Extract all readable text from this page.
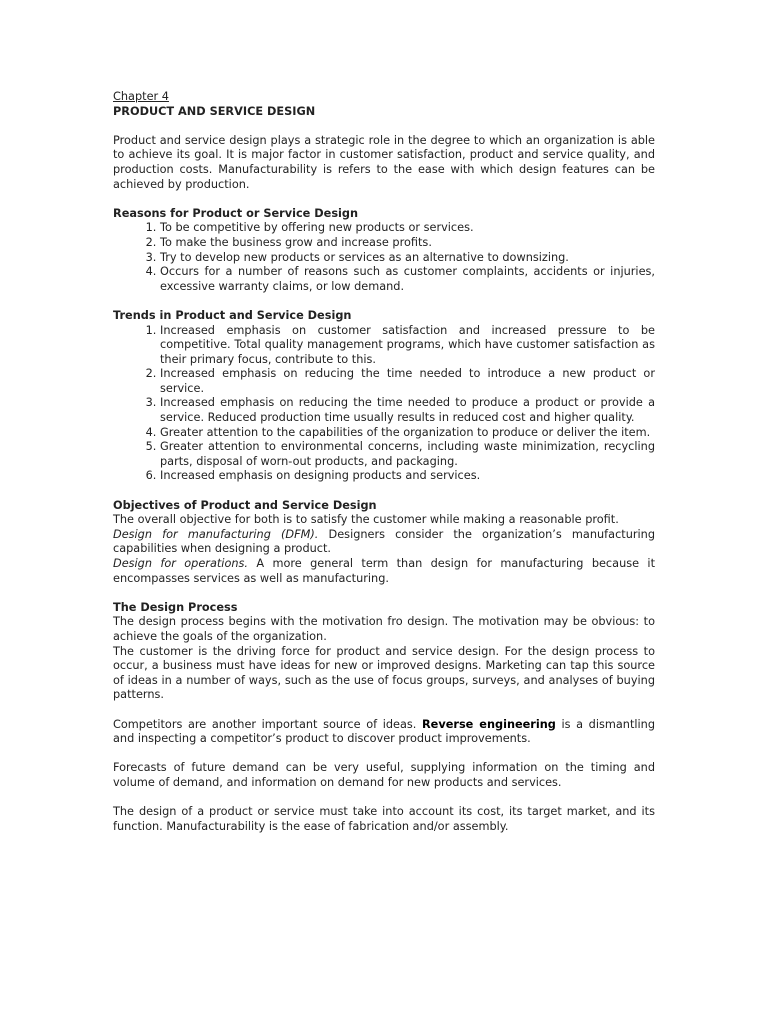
Chapter 4
PRODUCT AND SERVICE DESIGN

Product and service design plays a strategic role in the degree to which an organization is able to achieve its goal. It is major factor in customer satisfaction, product and service quality, and production costs. Manufacturability is refers to the ease with which design features can be achieved by production.

Reasons for Product or Service Design
1. To be competitive by offering new products or services.
2. To make the business grow and increase profits.
3. Try to develop new products or services as an alternative to downsizing.
4. Occurs for a number of reasons such as customer complaints, accidents or injuries, excessive warranty claims, or low demand.
Trends in Product and Service Design
1. Increased emphasis on customer satisfaction and increased pressure to be competitive. Total quality management programs, which have customer satisfaction as their primary focus, contribute to this.
2. Increased emphasis on reducing the time needed to introduce a new product or service.
3. Increased emphasis on reducing the time needed to produce a product or provide a service. Reduced production time usually results in reduced cost and higher quality.
4. Greater attention to the capabilities of the organization to produce or deliver the item.
5. Greater attention to environmental concerns, including waste minimization, recycling parts, disposal of worn-out products, and packaging.
6. Increased emphasis on designing products and services.
Objectives of Product and Service Design

The overall objective for both is to satisfy the customer while making a reasonable profit.

Design for manufacturing (DFM). Designers consider the organization’s manufacturing capabilities when designing a product.

Design for operations. A more general term than design for manufacturing because it encompasses services as well as manufacturing.

The Design Process

The design process begins with the motivation fro design. The motivation may be obvious: to achieve the goals of the organization.

The customer is the driving force for product and service design. For the design process to occur, a business must have ideas for new or improved designs. Marketing can tap this source of ideas in a number of ways, such as the use of focus groups, surveys, and analyses of buying patterns.

Competitors are another important source of ideas. Reverse engineering is a dismantling and inspecting a competitor’s product to discover product improvements.

Forecasts of future demand can be very useful, supplying information on the timing and volume of demand, and information on demand for new products and services.

The design of a product or service must take into account its cost, its target market, and its function. Manufacturability is the ease of fabrication and/or assembly.
